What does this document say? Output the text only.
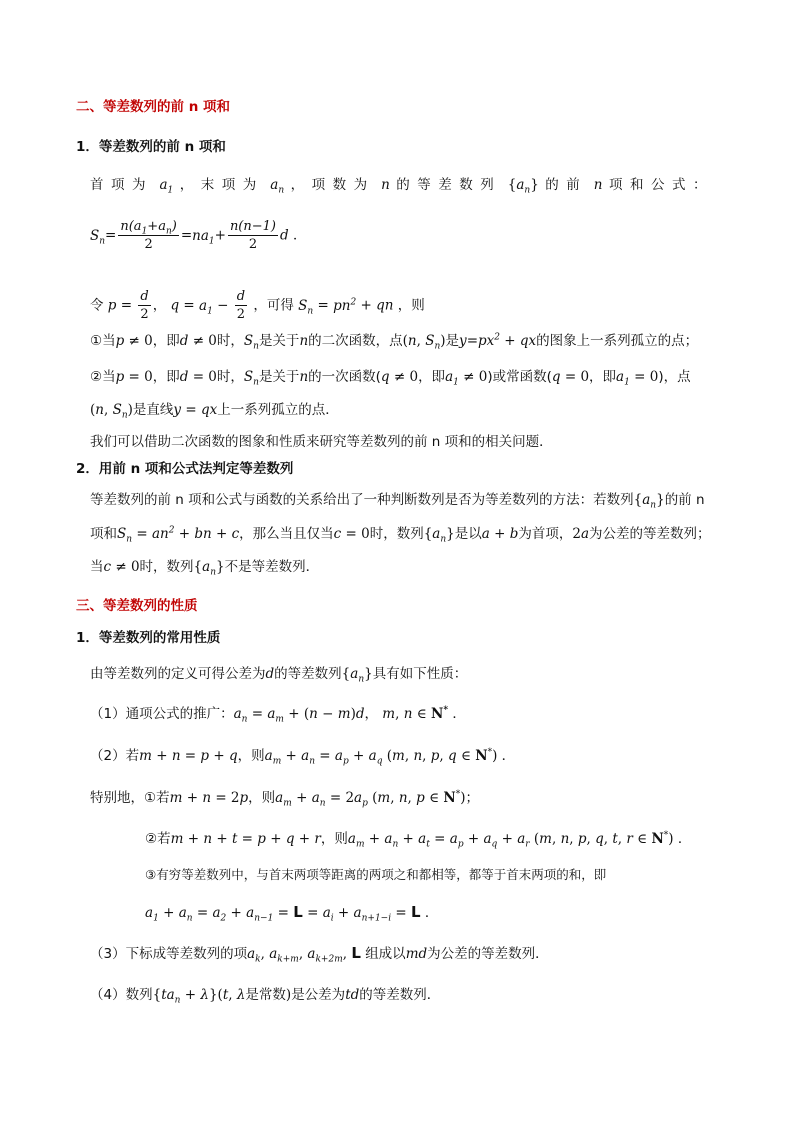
二、等差数列的前 n 项和
1．等差数列的前 n 项和
首项为 $a_1$ ，末项为 $a_n$ ，项数为 n 的等差数列 $\{a_n\}$ 的前 n 项和公式：
$S_n= \frac{n(a_1+a_n)}{2} =na_1+ \frac{n(n-1)}{2}$ d ．
令 $p = \frac{d}{2}$ ， $q = a_1 - \frac{d}{2}$ ，可得 $S_n = pn^2$ + qn ，则
①当p ≠ 0，即d ≠ 0时，$S_n$是关于n的二次函数，点(n, $S_n$)是$y=px^2$ + qx的图象上一系列孤立的点；
②当p = 0，即d = 0时，$S_n$是关于n的一次函数(q ≠ 0，即$a_1 \ne 0$)或常函数(q = 0，即$a_1 = 0$)，点
(n, $S_n$)是直线y = qx上一系列孤立的点．
我们可以借助二次函数的图象和性质来研究等差数列的前 n 项和的相关问题．
2．用前 n 项和公式法判定等差数列
等差数列的前 n 项和公式与函数的关系给出了一种判断数列是否为等差数列的方法：若数列$\{a_n\}$的前 n
项和$S_n = an^2$ + bn + c，那么当且仅当c = 0时，数列$\{a_n\}$是以a + b为首项，2a为公差的等差数列；
当c ≠ 0时，数列$\{a_n\}$不是等差数列．
三、等差数列的性质
1．等差数列的常用性质
由等差数列的定义可得公差为d的等差数列$\{a_n\}$具有如下性质：
（1）通项公式的推广：$a_n = a_m + (n - m)d$， m, n ∈ N* ．
（2）若m + n = p + q，则$a_m + a_n = a_p + a_q$ (m, n, p, q ∈ N*) ．
特别地，①若m + n = 2p，则$a_m + a_n = 2a_p$ (m, n, p ∈ N*)；
②若m + n + t = p + q + r，则$a_m + a_n + a_t = a_p + a_q + a_r$ (m, n, p, q, t, r ∈ N*) ．
③有穷等差数列中，与首末两项等距离的两项之和都相等，都等于首末两项的和，即
$a_1 + a_n = a_2 + a_{n-1} = L = a_i + a_{n+1-i} = L$ ．
（3）下标成等差数列的项$a_k$, $a_{k+m}$, $a_{k+2m}$, L 组成以md为公差的等差数列．
（4）数列$\{ta_n + \lambda\}(t$, λ是常数)是公差为td的等差数列．
